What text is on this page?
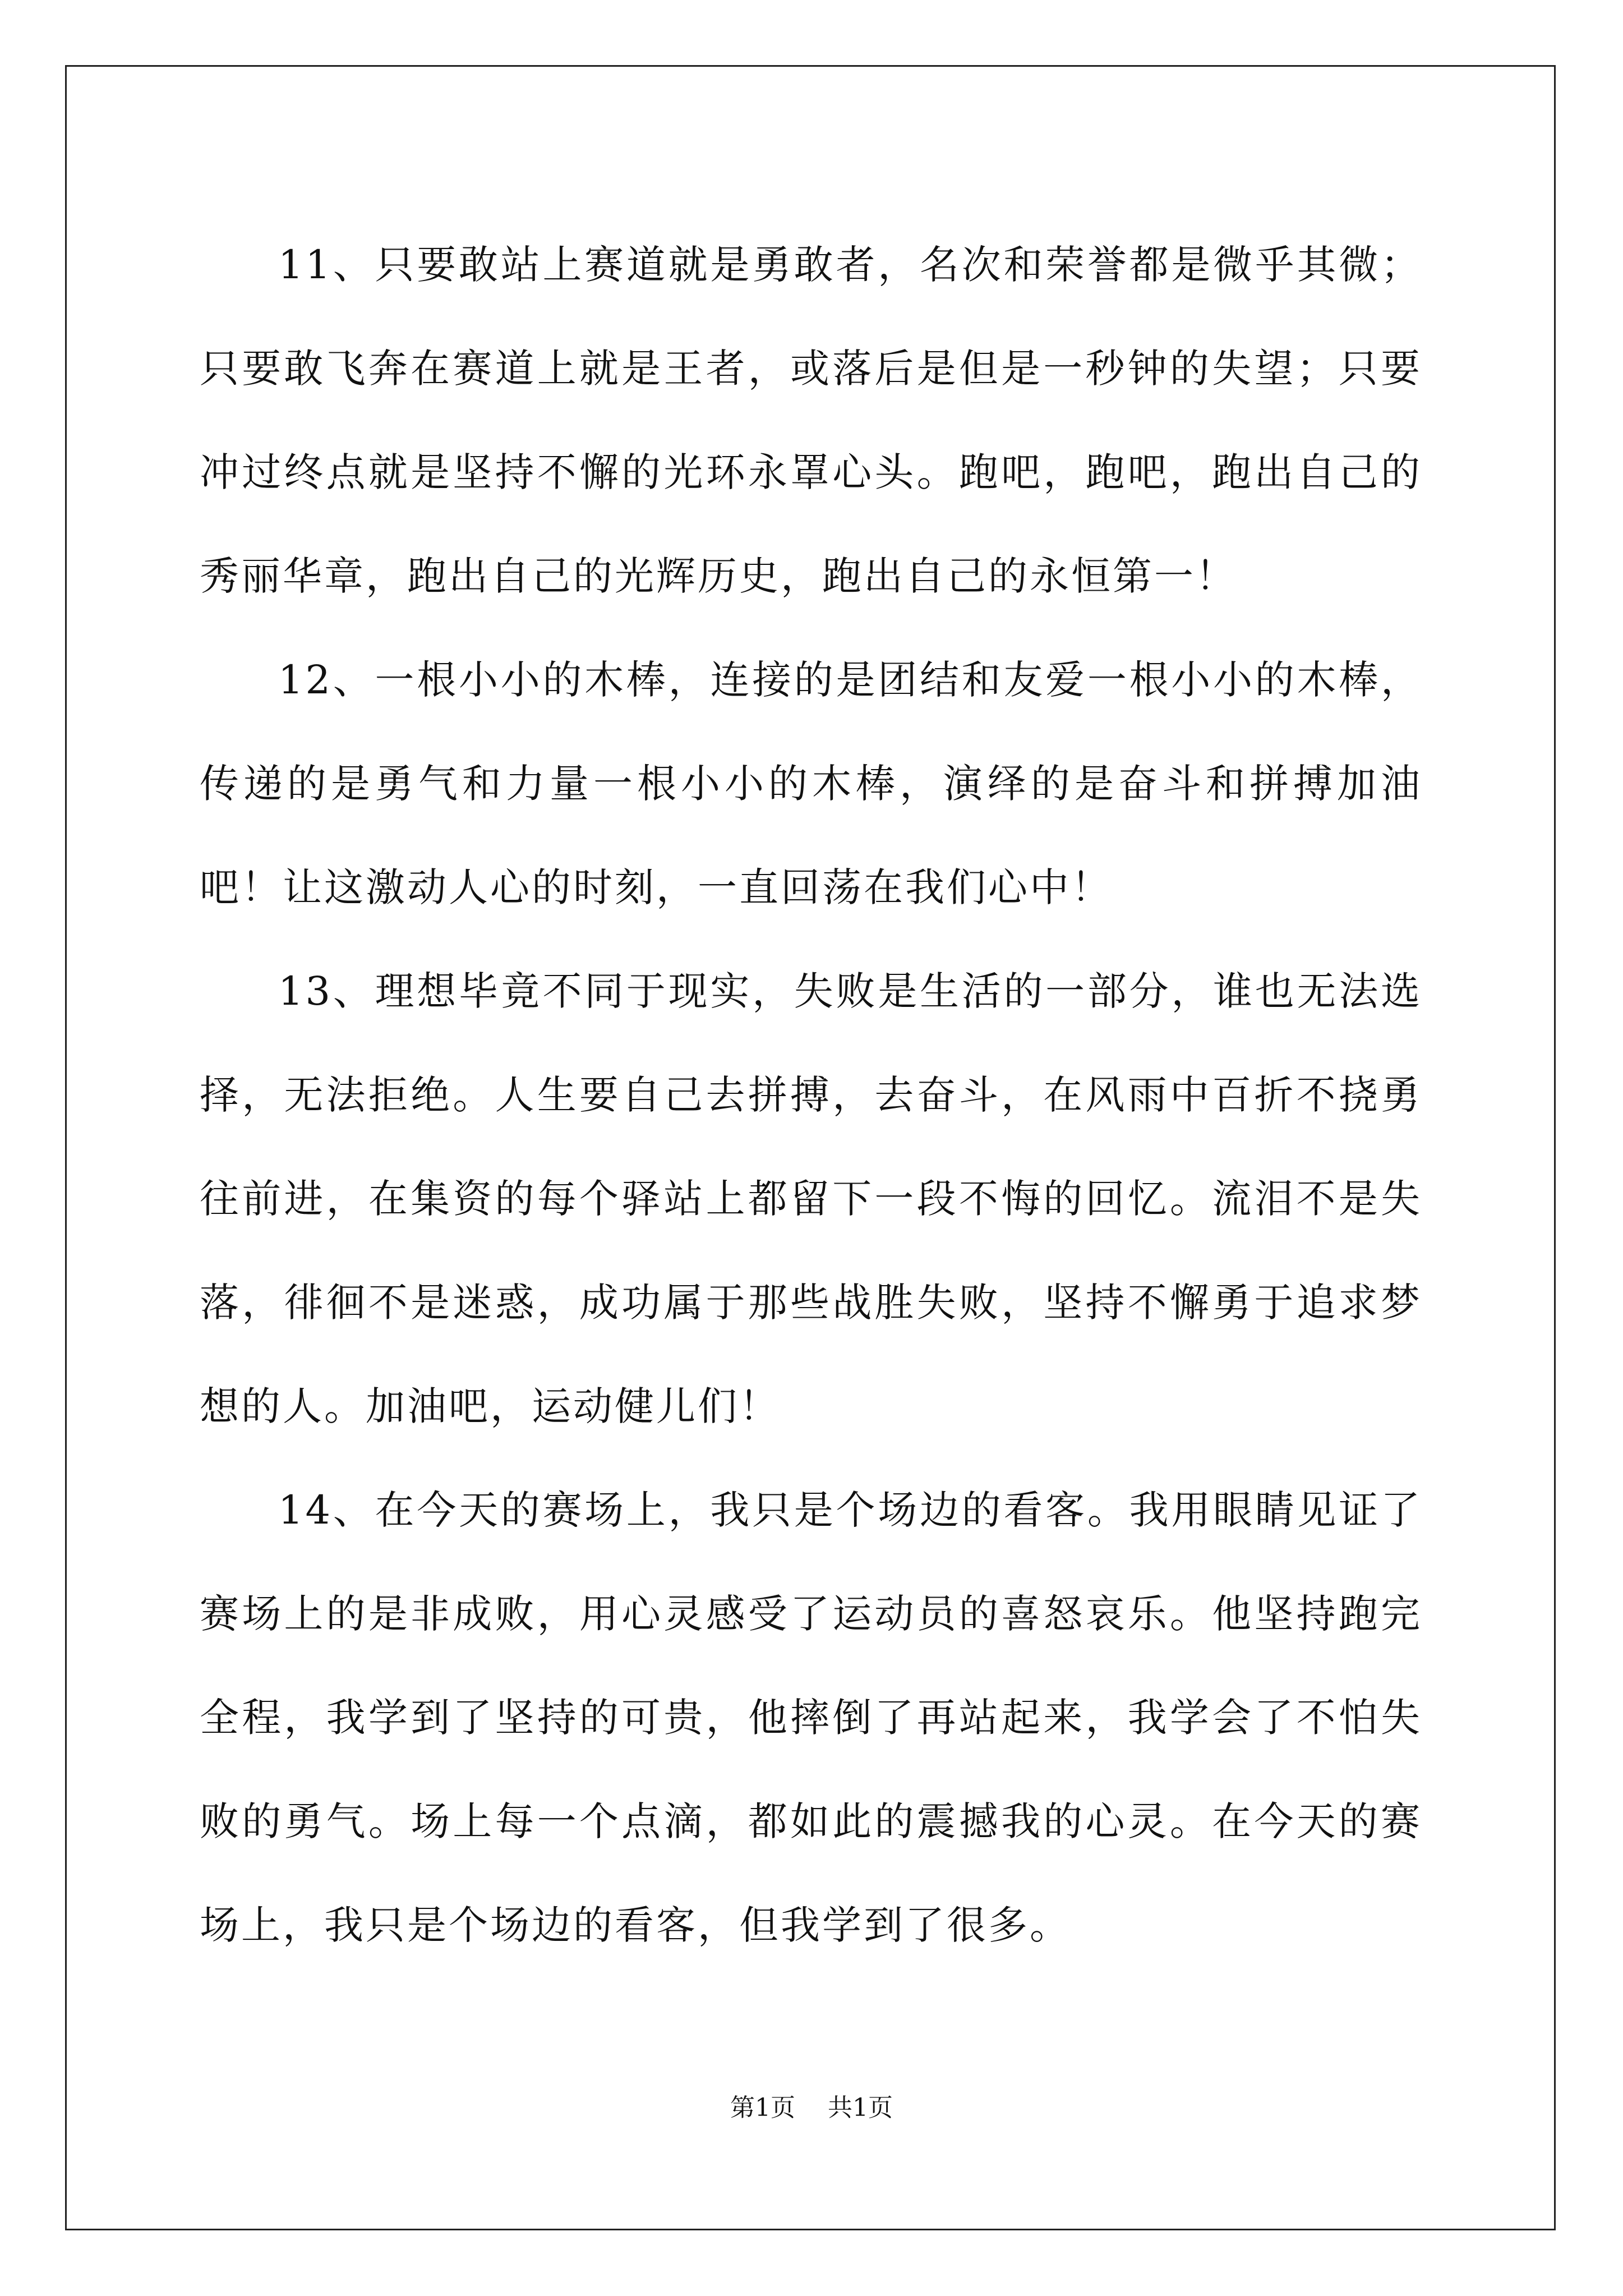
11、只要敢站上赛道就是勇敢者，名次和荣誉都是微乎其微；只要敢飞奔在赛道上就是王者，或落后是但是一秒钟的失望；只要冲过终点就是坚持不懈的光环永罩心头。跑吧，跑吧，跑出自己的秀丽华章，跑出自己的光辉历史，跑出自己的永恒第一！

12、一根小小的木棒，连接的是团结和友爱一根小小的木棒，传递的是勇气和力量一根小小的木棒，演绎的是奋斗和拼搏加油吧！让这激动人心的时刻，一直回荡在我们心中！

13、理想毕竟不同于现实，失败是生活的一部分，谁也无法选择，无法拒绝。人生要自己去拼搏，去奋斗，在风雨中百折不挠勇往前进，在集资的每个驿站上都留下一段不悔的回忆。流泪不是失落，徘徊不是迷惑，成功属于那些战胜失败，坚持不懈勇于追求梦想的人。加油吧，运动健儿们！

14、在今天的赛场上，我只是个场边的看客。我用眼睛见证了赛场上的是非成败，用心灵感受了运动员的喜怒哀乐。他坚持跑完全程，我学到了坚持的可贵，他摔倒了再站起来，我学会了不怕失败的勇气。场上每一个点滴，都如此的震撼我的心灵。在今天的赛场上，我只是个场边的看客，但我学到了很多。

第1页 共1页
